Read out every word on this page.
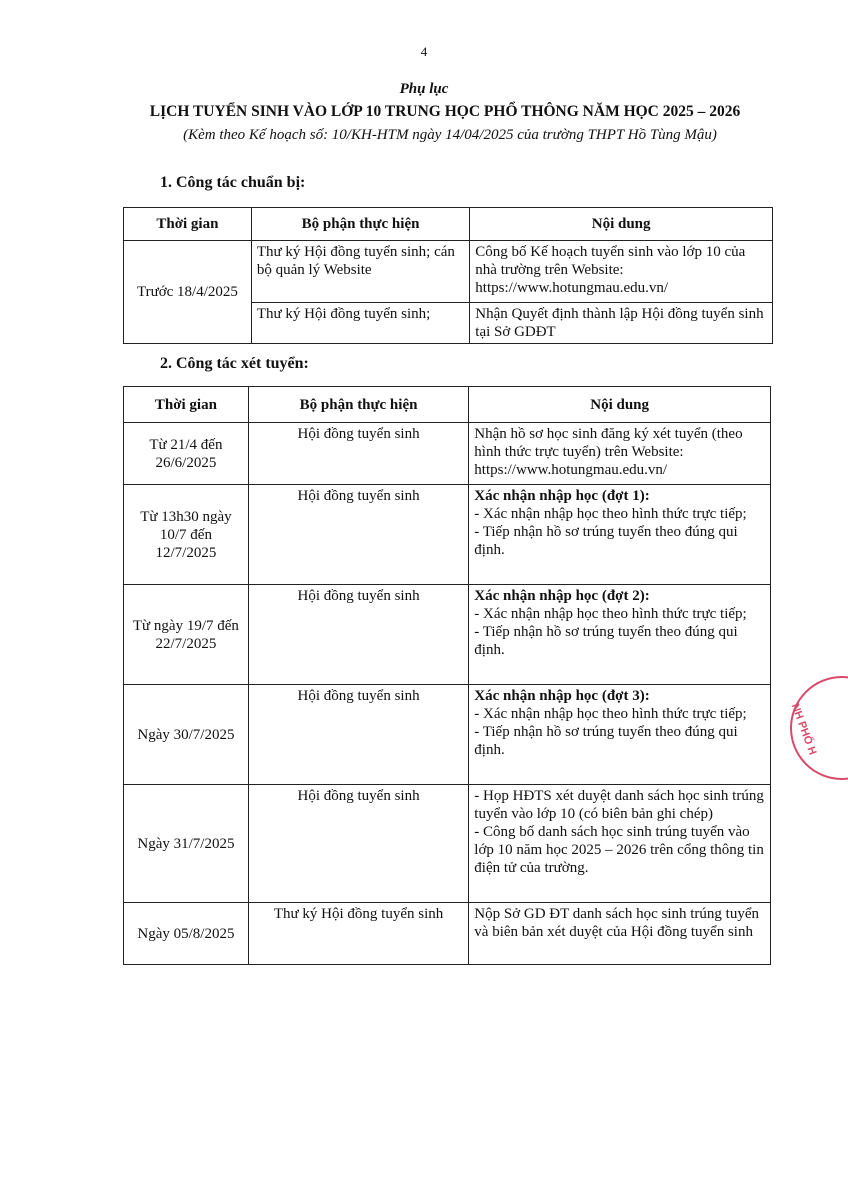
4
Phụ lục
LỊCH TUYỂN SINH VÀO LỚP 10 TRUNG HỌC PHỔ THÔNG NĂM HỌC 2025 – 2026
(Kèm theo Kế hoạch số: 10/KH-HTM ngày 14/04/2025 của trường THPT Hồ Tùng Mậu)
1. Công tác chuẩn bị:
Thời gian	Bộ phận thực hiện	Nội dung
Trước 18/4/2025	Thư ký Hội đồng tuyển sinh; cán bộ quản lý Website	Công bố Kế hoạch tuyển sinh vào lớp 10 của nhà trường trên Website: https://www.hotungmau.edu.vn/
	Thư ký Hội đồng tuyển sinh;	Nhận Quyết định thành lập Hội đồng tuyển sinh tại Sở GDĐT
2. Công tác xét tuyển:
Thời gian	Bộ phận thực hiện	Nội dung
Từ 21/4 đến 26/6/2025	Hội đồng tuyển sinh	Nhận hồ sơ học sinh đăng ký xét tuyển (theo hình thức trực tuyển) trên Website: https://www.hotungmau.edu.vn/

Từ 13h30 ngày 10/7 đến 12/7/2025	Hội đồng tuyển sinh	Xác nhận nhập học (đợt 1):
- Xác nhận nhập học theo hình thức trực tiếp;
- Tiếp nhận hồ sơ trúng tuyển theo đúng qui định.

Từ ngày 19/7 đến 22/7/2025	Hội đồng tuyển sinh	Xác nhận nhập học (đợt 2):
- Xác nhận nhập học theo hình thức trực tiếp;
- Tiếp nhận hồ sơ trúng tuyển theo đúng qui định.

Ngày 30/7/2025	Hội đồng tuyển sinh	Xác nhận nhập học (đợt 3):
- Xác nhận nhập học theo hình thức trực tiếp;
- Tiếp nhận hồ sơ trúng tuyển theo đúng qui định.

Ngày 31/7/2025	Hội đồng tuyển sinh	- Họp HĐTS xét duyệt danh sách học sinh trúng tuyển vào lớp 10 (có biên bản ghi chép)
- Công bố danh sách học sinh trúng tuyển vào lớp 10 năm học 2025 – 2026 trên cổng thông tin điện tử của trường.

Ngày 05/8/2025	Thư ký Hội đồng tuyển sinh	Nộp Sở GD ĐT danh sách học sinh trúng tuyển và biên bản xét duyệt của Hội đồng tuyển sinh
NH PHỐ H
